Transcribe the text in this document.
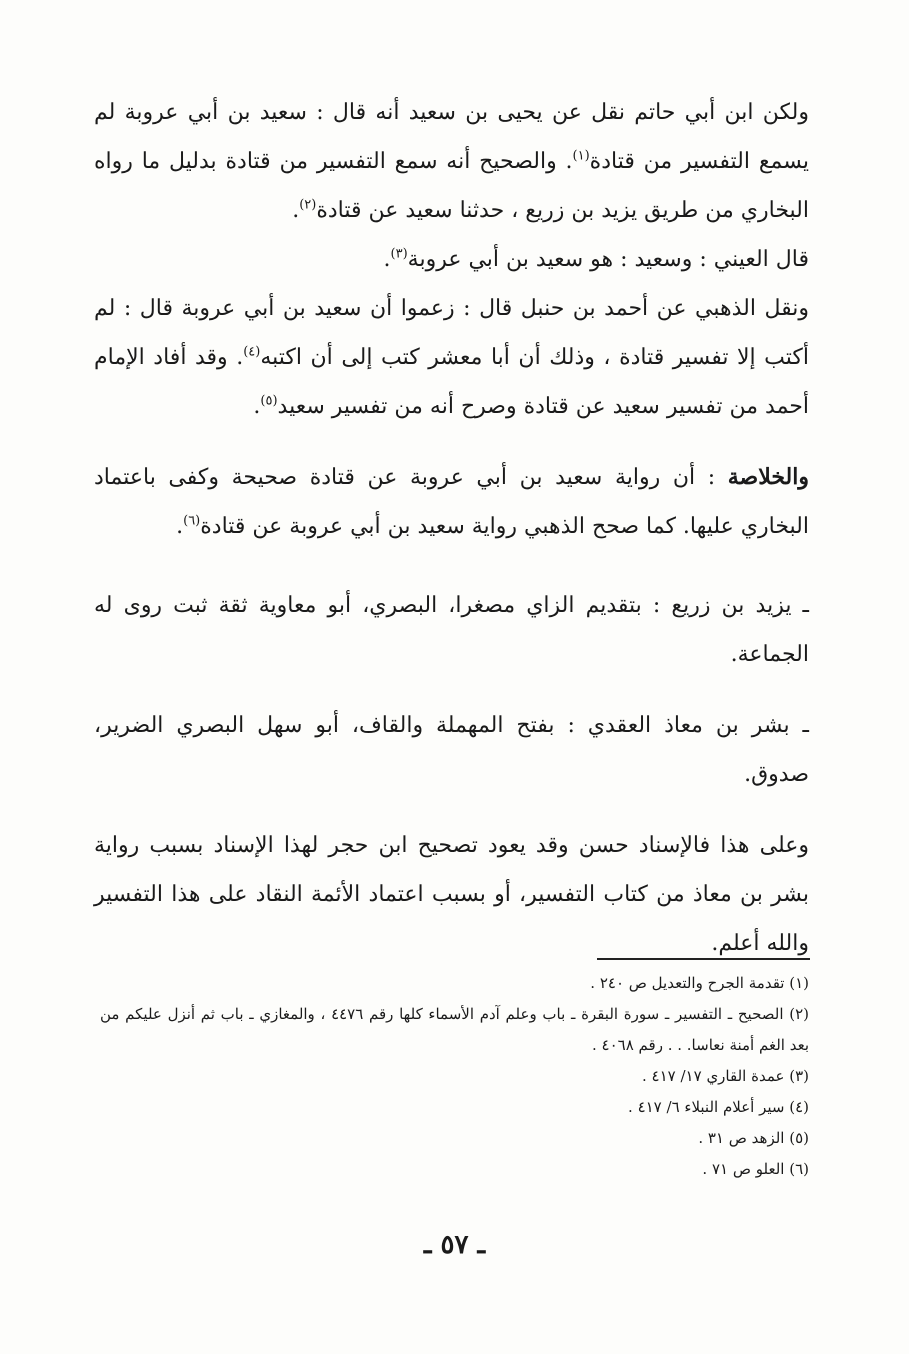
ولكن ابن أبي حاتم نقل عن يحيى بن سعيد أنه قال : سعيد بن أبي عروبة لم يسمع التفسير من قتادة$^{(١)}$. والصحيح أنه سمع التفسير من قتادة بدليل ما رواه البخاري من طريق يزيد بن زريع ، حدثنا سعيد عن قتادة$^{(٢)}$.

قال العيني : وسعيد : هو سعيد بن أبي عروبة$^{(٣)}$.

ونقل الذهبي عن أحمد بن حنبل قال : زعموا أن سعيد بن أبي عروبة قال : لم أكتب إلا تفسير قتادة ، وذلك أن أبا معشر كتب إلى أن اكتبه$^{(٤)}$. وقد أفاد الإمام أحمد من تفسير سعيد عن قتادة وصرح أنه من تفسير سعيد$^{(٥)}$.

والخلاصة : أن رواية سعيد بن أبي عروبة عن قتادة صحيحة وكفى باعتماد البخاري عليها. كما صحح الذهبي رواية سعيد بن أبي عروبة عن قتادة$^{(٦)}$.

ـ يزيد بن زريع : بتقديم الزاي مصغرا، البصري، أبو معاوية ثقة ثبت روى له الجماعة.

ـ بشر بن معاذ العقدي : بفتح المهملة والقاف، أبو سهل البصري الضرير، صدوق.

وعلى هذا فالإسناد حسن وقد يعود تصحيح ابن حجر لهذا الإسناد بسبب رواية بشر بن معاذ من كتاب التفسير، أو بسبب اعتماد الأئمة النقاد على هذا التفسير والله أعلم.

(١) تقدمة الجرح والتعديل ص ٢٤٠ .

(٢) الصحيح ـ التفسير ـ سورة البقرة ـ باب وعلم آدم الأسماء كلها رقم ٤٤٧٦ ، والمغازي ـ باب ثم أنزل عليكم من بعد الغم أمنة نعاسا. . . رقم ٤٠٦٨ .

(٣) عمدة القاري ١٧/ ٤١٧ .

(٤) سير أعلام النبلاء ٦/ ٤١٧ .

(٥) الزهد ص ٣١ .

(٦) العلو ص ٧١ .

ـ ٥٧ ـ
